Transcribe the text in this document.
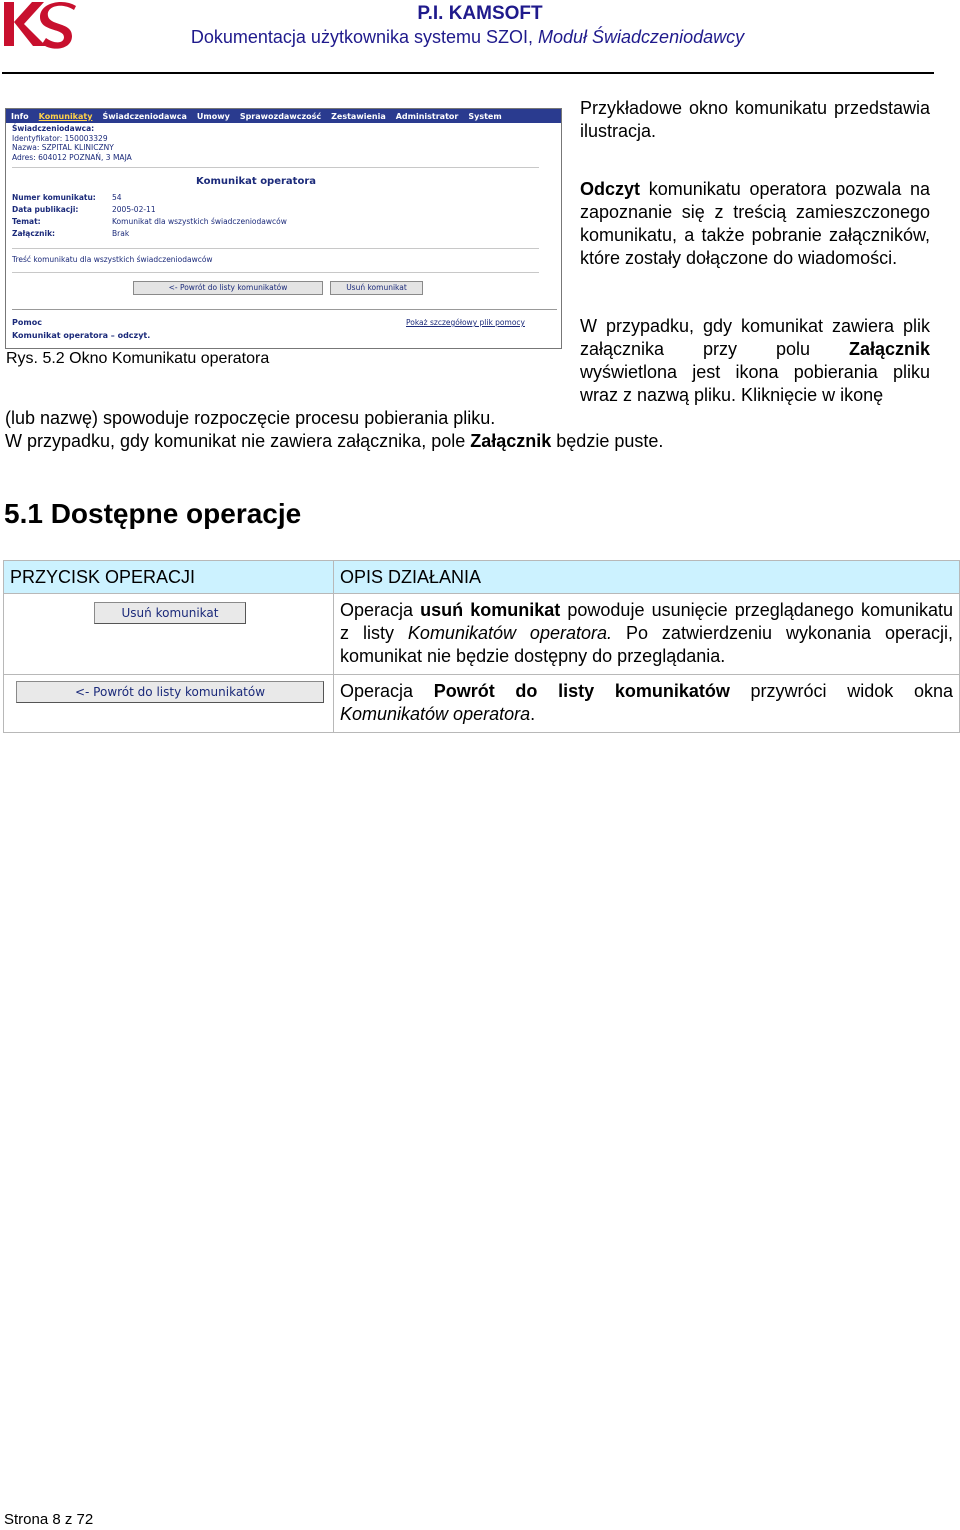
P.I. KAMSOFT
Dokumentacja użytkownika systemu SZOI, Moduł Świadczeniodawcy
Info	Komunikaty	Świadczeniodawca	Umowy	Sprawozdawczość	Zestawienia	Administrator	System
Świadczeniodawca:
Identyfikator: 150003329
Nazwa: SZPITAL KLINICZNY
Adres: 604012 POZNAŃ, 3 MAJA
Komunikat operatora
Numer komunikatu: 54
Data publikacji:	2005-02-11
Temat:	Komunikat dla wszystkich świadczeniodawców
Załącznik:	Brak
Treść komunikatu dla wszystkich świadczeniodawców
<- Powrót do listy komunikatów	Usuń komunikat
Pomoc
Komunikat operatora – odczyt.
Pokaż szczegółowy plik pomocy
Rys. 5.2 Okno Komunikatu operatora
Przykładowe okno komunikatu przedstawia ilustracja.
Odczyt komunikatu operatora pozwala na zapoznanie się z treścią zamieszczonego komunikatu, a także pobranie załączników, które zostały dołączone do wiadomości.
W przypadku, gdy komunikat zawiera plik załącznika przy polu Załącznik wyświetlona jest ikona pobierania pliku wraz z nazwą pliku. Kliknięcie w ikonę
(lub nazwę) spowoduje rozpoczęcie procesu pobierania pliku.
W przypadku, gdy komunikat nie zawiera załącznika, pole Załącznik będzie puste.
5.1 Dostępne operacje
PRZYCISK OPERACJI	OPIS DZIAŁANIA

Usuń komunikat	Operacja usuń komunikat powoduje usunięcie przeglądanego komunikatu z listy Komunikatów operatora. Po zatwierdzeniu wykonania operacji, komunikat nie będzie dostępny do przeglądania.

<- Powrót do listy komunikatów	Operacja Powrót do listy komunikatów przywróci widok okna Komunikatów operatora.
Strona 8 z 72
